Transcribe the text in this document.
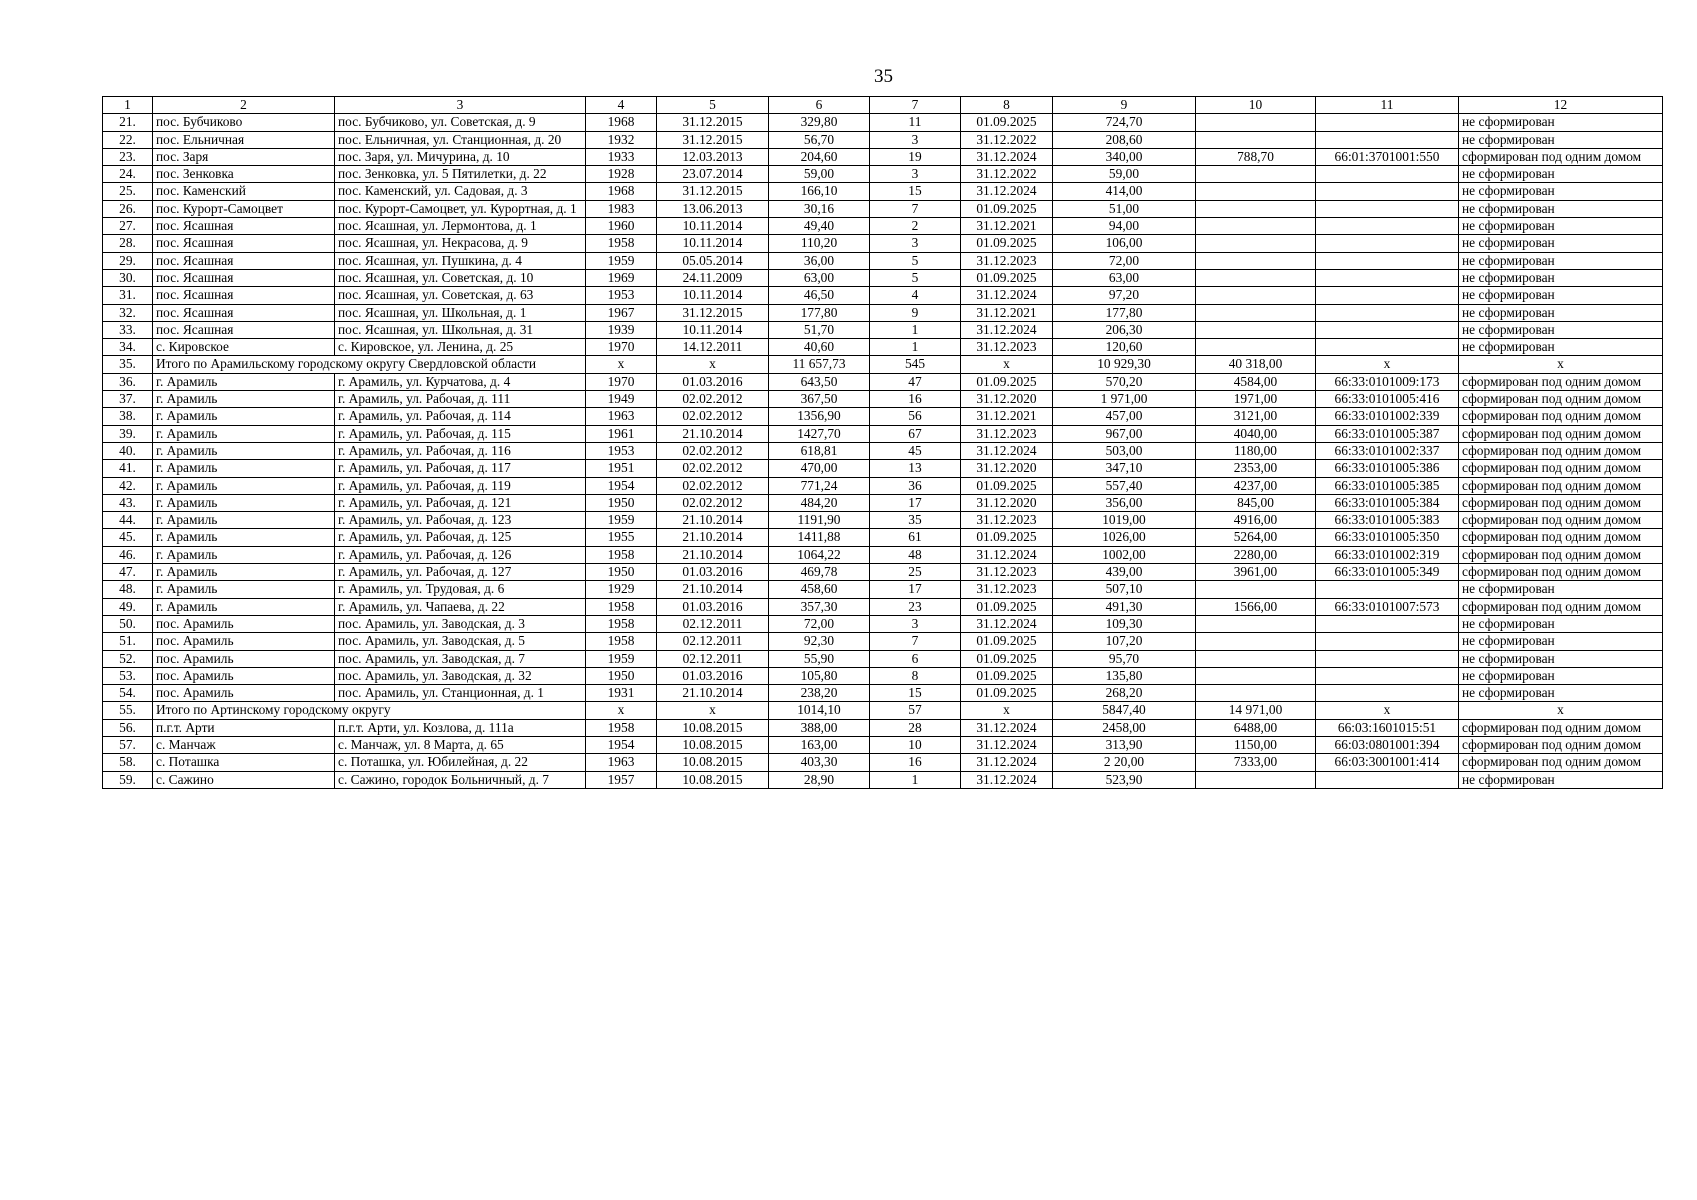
35
1	2	3	4	5	6	7	8	9	10	11	12
21.	пос. Бубчиково	пос. Бубчиково, ул. Советская, д. 9	1968	31.12.2015	329,80	11	01.09.2025	724,70			не сформирован
22.	пос. Ельничная	пос. Ельничная, ул. Станционная, д. 20	1932	31.12.2015	56,70	3	31.12.2022	208,60			не сформирован
23.	пос. Заря	пос. Заря, ул. Мичурина, д. 10	1933	12.03.2013	204,60	19	31.12.2024	340,00	788,70	66:01:3701001:550	сформирован под одним домом
24.	пос. Зенковка	пос. Зенковка, ул. 5 Пятилетки, д. 22	1928	23.07.2014	59,00	3	31.12.2022	59,00			не сформирован
25.	пос. Каменский	пос. Каменский, ул. Садовая, д. 3	1968	31.12.2015	166,10	15	31.12.2024	414,00			не сформирован
26.	пос. Курорт-Самоцвет	пос. Курорт-Самоцвет, ул. Курортная, д. 1	1983	13.06.2013	30,16	7	01.09.2025	51,00			не сформирован
27.	пос. Ясашная	пос. Ясашная, ул. Лермонтова, д. 1	1960	10.11.2014	49,40	2	31.12.2021	94,00			не сформирован
28.	пос. Ясашная	пос. Ясашная, ул. Некрасова, д. 9	1958	10.11.2014	110,20	3	01.09.2025	106,00			не сформирован
29.	пос. Ясашная	пос. Ясашная, ул. Пушкина, д. 4	1959	05.05.2014	36,00	5	31.12.2023	72,00			не сформирован
30.	пос. Ясашная	пос. Ясашная, ул. Советская, д. 10	1969	24.11.2009	63,00	5	01.09.2025	63,00			не сформирован
31.	пос. Ясашная	пос. Ясашная, ул. Советская, д. 63	1953	10.11.2014	46,50	4	31.12.2024	97,20			не сформирован
32.	пос. Ясашная	пос. Ясашная, ул. Школьная, д. 1	1967	31.12.2015	177,80	9	31.12.2021	177,80			не сформирован
33.	пос. Ясашная	пос. Ясашная, ул. Школьная, д. 31	1939	10.11.2014	51,70	1	31.12.2024	206,30			не сформирован
34.	с. Кировское	с. Кировское, ул. Ленина, д. 25	1970	14.12.2011	40,60	1	31.12.2023	120,60			не сформирован
35.	Итого по Арамильскому городскому округу Свердловской области		x	x	11 657,73	545	x	10 929,30	40 318,00	x	x
36.	г. Арамиль	г. Арамиль, ул. Курчатова, д. 4	1970	01.03.2016	643,50	47	01.09.2025	570,20	4584,00	66:33:0101009:173	сформирован под одним домом
37.	г. Арамиль	г. Арамиль, ул. Рабочая, д. 111	1949	02.02.2012	367,50	16	31.12.2020	1 971,00	1971,00	66:33:0101005:416	сформирован под одним домом
38.	г. Арамиль	г. Арамиль, ул. Рабочая, д. 114	1963	02.02.2012	1356,90	56	31.12.2021	457,00	3121,00	66:33:0101002:339	сформирован под одним домом
39.	г. Арамиль	г. Арамиль, ул. Рабочая, д. 115	1961	21.10.2014	1427,70	67	31.12.2023	967,00	4040,00	66:33:0101005:387	сформирован под одним домом
40.	г. Арамиль	г. Арамиль, ул. Рабочая, д. 116	1953	02.02.2012	618,81	45	31.12.2024	503,00	1180,00	66:33:0101002:337	сформирован под одним домом
41.	г. Арамиль	г. Арамиль, ул. Рабочая, д. 117	1951	02.02.2012	470,00	13	31.12.2020	347,10	2353,00	66:33:0101005:386	сформирован под одним домом
42.	г. Арамиль	г. Арамиль, ул. Рабочая, д. 119	1954	02.02.2012	771,24	36	01.09.2025	557,40	4237,00	66:33:0101005:385	сформирован под одним домом
43.	г. Арамиль	г. Арамиль, ул. Рабочая, д. 121	1950	02.02.2012	484,20	17	31.12.2020	356,00	845,00	66:33:0101005:384	сформирован под одним домом
44.	г. Арамиль	г. Арамиль, ул. Рабочая, д. 123	1959	21.10.2014	1191,90	35	31.12.2023	1019,00	4916,00	66:33:0101005:383	сформирован под одним домом
45.	г. Арамиль	г. Арамиль, ул. Рабочая, д. 125	1955	21.10.2014	1411,88	61	01.09.2025	1026,00	5264,00	66:33:0101005:350	сформирован под одним домом
46.	г. Арамиль	г. Арамиль, ул. Рабочая, д. 126	1958	21.10.2014	1064,22	48	31.12.2024	1002,00	2280,00	66:33:0101002:319	сформирован под одним домом
47.	г. Арамиль	г. Арамиль, ул. Рабочая, д. 127	1950	01.03.2016	469,78	25	31.12.2023	439,00	3961,00	66:33:0101005:349	сформирован под одним домом
48.	г. Арамиль	г. Арамиль, ул. Трудовая, д. 6	1929	21.10.2014	458,60	17	31.12.2023	507,10			не сформирован
49.	г. Арамиль	г. Арамиль, ул. Чапаева, д. 22	1958	01.03.2016	357,30	23	01.09.2025	491,30	1566,00	66:33:0101007:573	сформирован под одним домом
50.	пос. Арамиль	пос. Арамиль, ул. Заводская, д. 3	1958	02.12.2011	72,00	3	31.12.2024	109,30			не сформирован
51.	пос. Арамиль	пос. Арамиль, ул. Заводская, д. 5	1958	02.12.2011	92,30	7	01.09.2025	107,20			не сформирован
52.	пос. Арамиль	пос. Арамиль, ул. Заводская, д. 7	1959	02.12.2011	55,90	6	01.09.2025	95,70			не сформирован
53.	пос. Арамиль	пос. Арамиль, ул. Заводская, д. 32	1950	01.03.2016	105,80	8	01.09.2025	135,80			не сформирован
54.	пос. Арамиль	пос. Арамиль, ул. Станционная, д. 1	1931	21.10.2014	238,20	15	01.09.2025	268,20			не сформирован
55.	Итого по Артинскому городскому округу		x	x	1014,10	57	x	5847,40	14 971,00	x	x
56.	п.г.т. Арти	п.г.т. Арти, ул. Козлова, д. 111а	1958	10.08.2015	388,00	28	31.12.2024	2458,00	6488,00	66:03:1601015:51	сформирован под одним домом
57.	с. Манчаж	с. Манчаж, ул. 8 Марта, д. 65	1954	10.08.2015	163,00	10	31.12.2024	313,90	1150,00	66:03:0801001:394	сформирован под одним домом
58.	с. Поташка	с. Поташка, ул. Юбилейная, д. 22	1963	10.08.2015	403,30	16	31.12.2024	2 20,00	7333,00	66:03:3001001:414	сформирован под одним домом
59.	с. Сажино	с. Сажино, городок Больничный, д. 7	1957	10.08.2015	28,90	1	31.12.2024	523,90			не сформирован
